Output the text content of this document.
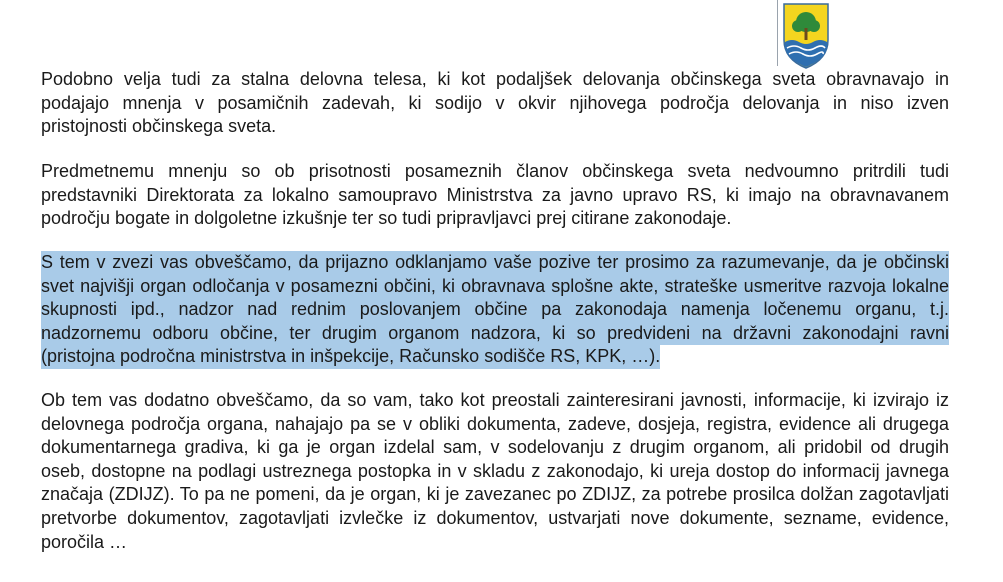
Podobno velja tudi za stalna delovna telesa, ki kot podaljšek delovanja občinskega sveta obravnavajo in
podajajo mnenja v posamičnih zadevah, ki sodijo v okvir njihovega področja delovanja in niso izven
pristojnosti občinskega sveta.
Predmetnemu mnenju so ob prisotnosti posameznih članov občinskega sveta nedvoumno pritrdili tudi
predstavniki Direktorata za lokalno samoupravo Ministrstva za javno upravo RS, ki imajo na obravnavanem
področju bogate in dolgoletne izkušnje ter so tudi pripravljavci prej citirane zakonodaje.
S tem v zvezi vas obveščamo, da prijazno odklanjamo vaše pozive ter prosimo za razumevanje, da je občinski
svet najvišji organ odločanja v posamezni občini, ki obravnava splošne akte, strateške usmeritve razvoja lokalne
skupnosti ipd., nadzor nad rednim poslovanjem občine pa zakonodaja namenja ločenemu organu, t.j.
nadzornemu odboru občine, ter drugim organom nadzora, ki so predvideni na državni zakonodajni ravni
(pristojna področna ministrstva in inšpekcije, Računsko sodišče RS, KPK, …).
Ob tem vas dodatno obveščamo, da so vam, tako kot preostali zainteresirani javnosti, informacije, ki izvirajo iz
delovnega področja organa, nahajajo pa se v obliki dokumenta, zadeve, dosjeja, registra, evidence ali drugega
dokumentarnega gradiva, ki ga je organ izdelal sam, v sodelovanju z drugim organom, ali pridobil od drugih
oseb, dostopne na podlagi ustreznega postopka in v skladu z zakonodajo, ki ureja dostop do informacij javnega
značaja (ZDIJZ). To pa ne pomeni, da je organ, ki je zavezanec po ZDIJZ, za potrebe prosilca dolžan zagotavljati
pretvorbe dokumentov, zagotavljati izvlečke iz dokumentov, ustvarjati nove dokumente, sezname, evidence,
poročila …
